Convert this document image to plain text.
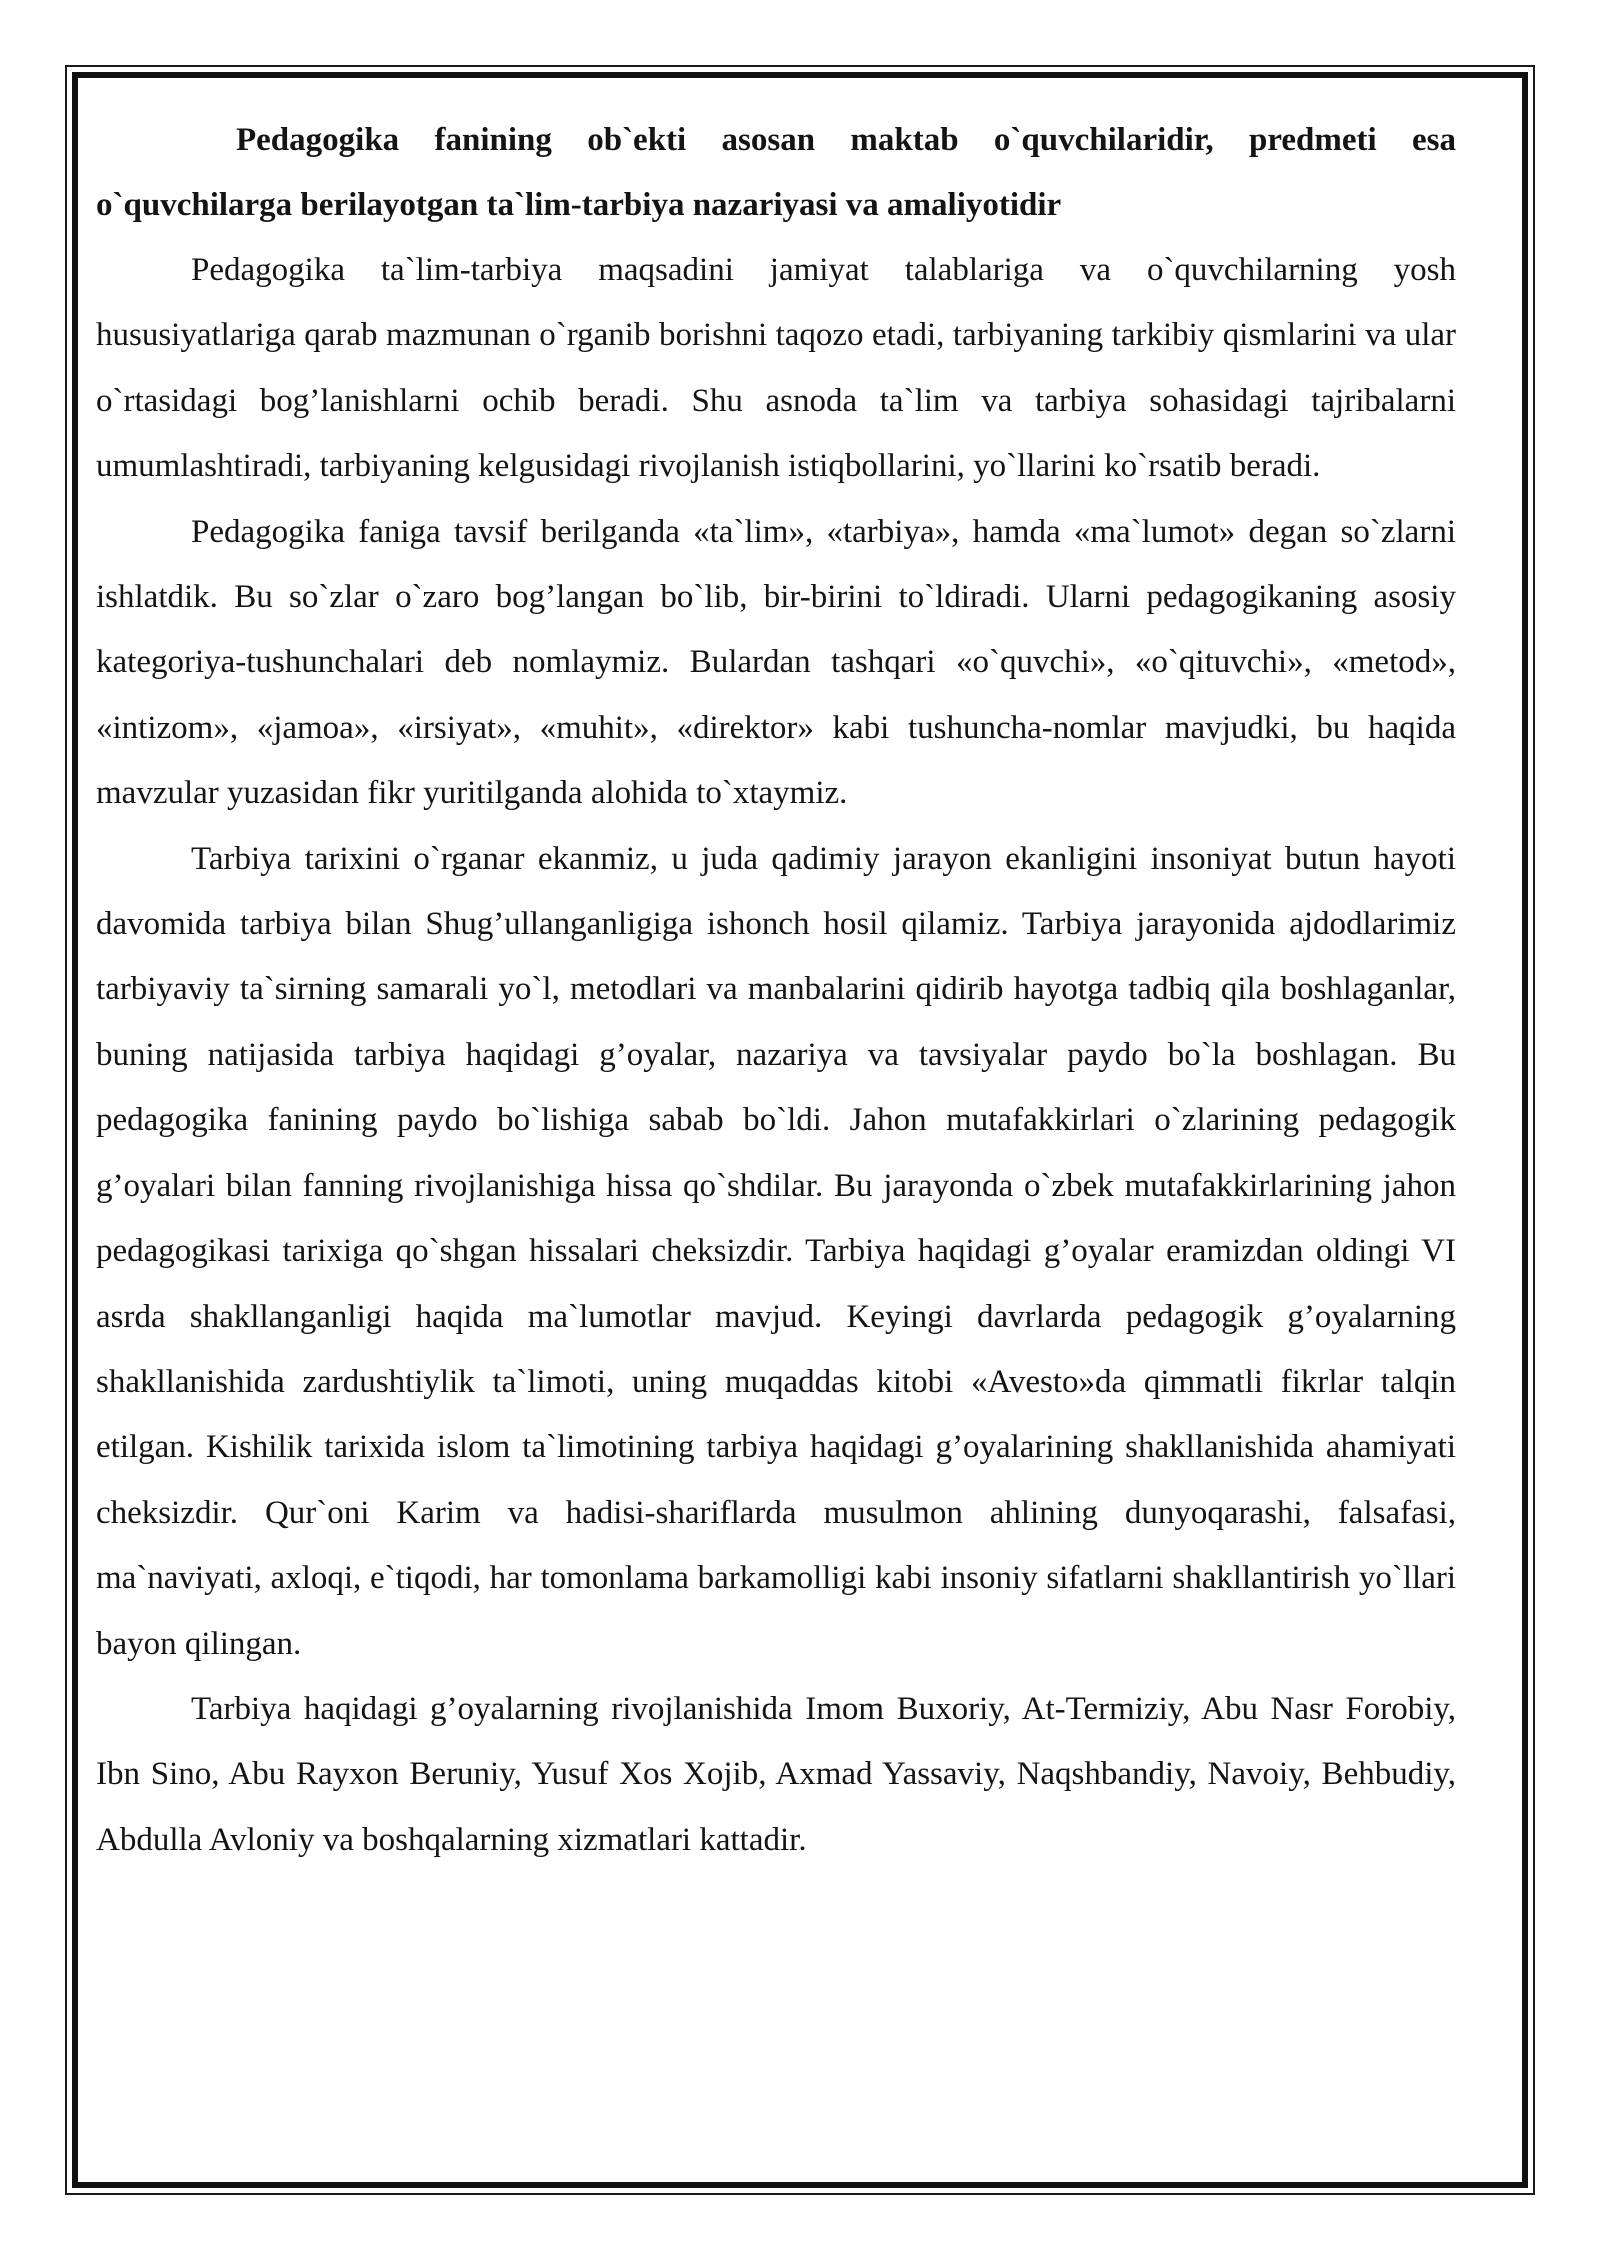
Pedagogika fanining ob`ekti asosan maktab o`quvchilaridir, predmeti esa o`quvchilarga berilayotgan ta`lim-tarbiya nazariyasi va amaliyotidir

Pedagogika ta`lim-tarbiya maqsadini jamiyat talablariga va o`quvchilarning yosh hususiyatlariga qarab mazmunan o`rganib borishni taqozo etadi, tarbiyaning tarkibiy qismlarini va ular o`rtasidagi bog’lanishlarni ochib beradi. Shu asnoda ta`lim va tarbiya sohasidagi tajribalarni umumlashtiradi, tarbiyaning kelgusidagi rivojlanish istiqbollarini, yo`llarini ko`rsatib beradi.

Pedagogika faniga tavsif berilganda «ta`lim», «tarbiya», hamda «ma`lumot» degan so`zlarni ishlatdik. Bu so`zlar o`zaro bog’langan bo`lib, bir-birini to`ldiradi. Ularni pedagogikaning asosiy kategoriya-tushunchalari deb nomlaymiz. Bulardan tashqari «o`quvchi», «o`qituvchi», «metod», «intizom», «jamoa», «irsiyat», «muhit», «direktor» kabi tushuncha-nomlar mavjudki, bu haqida mavzular yuzasidan fikr yuritilganda alohida to`xtaymiz.

Tarbiya tarixini o`rganar ekanmiz, u juda qadimiy jarayon ekanligini insoniyat butun hayoti davomida tarbiya bilan Shug’ullanganligiga ishonch hosil qilamiz. Tarbiya jarayonida ajdodlarimiz tarbiyaviy ta`sirning samarali yo`l, metodlari va manbalarini qidirib hayotga tadbiq qila boshlaganlar, buning natijasida tarbiya haqidagi g’oyalar, nazariya va tavsiyalar paydo bo`la boshlagan. Bu pedagogika fanining paydo bo`lishiga sabab bo`ldi. Jahon mutafakkirlari o`zlarining pedagogik g’oyalari bilan fanning rivojlanishiga hissa qo`shdilar. Bu jarayonda o`zbek mutafakkirlarining jahon pedagogikasi tarixiga qo`shgan hissalari cheksizdir. Tarbiya haqidagi g’oyalar eramizdan oldingi VI asrda shakllanganligi haqida ma`lumotlar mavjud. Keyingi davrlarda pedagogik g’oyalarning shakllanishida zardushtiylik ta`limoti, uning muqaddas kitobi «Avesto»da qimmatli fikrlar talqin etilgan. Kishilik tarixida islom ta`limotining tarbiya haqidagi g’oyalarining shakllanishida ahamiyati cheksizdir. Qur`oni Karim va hadisi-shariflarda musulmon ahlining dunyoqarashi, falsafasi, ma`naviyati, axloqi, e`tiqodi, har tomonlama barkamolligi kabi insoniy sifatlarni shakllantirish yo`llari bayon qilingan.

Tarbiya haqidagi g’oyalarning rivojlanishida Imom Buxoriy, At-Termiziy, Abu Nasr Forobiy, Ibn Sino, Abu Rayxon Beruniy, Yusuf Xos Xojib, Axmad Yassaviy, Naqshbandiy, Navoiy, Behbudiy, Abdulla Avloniy va boshqalarning xizmatlari kattadir.
